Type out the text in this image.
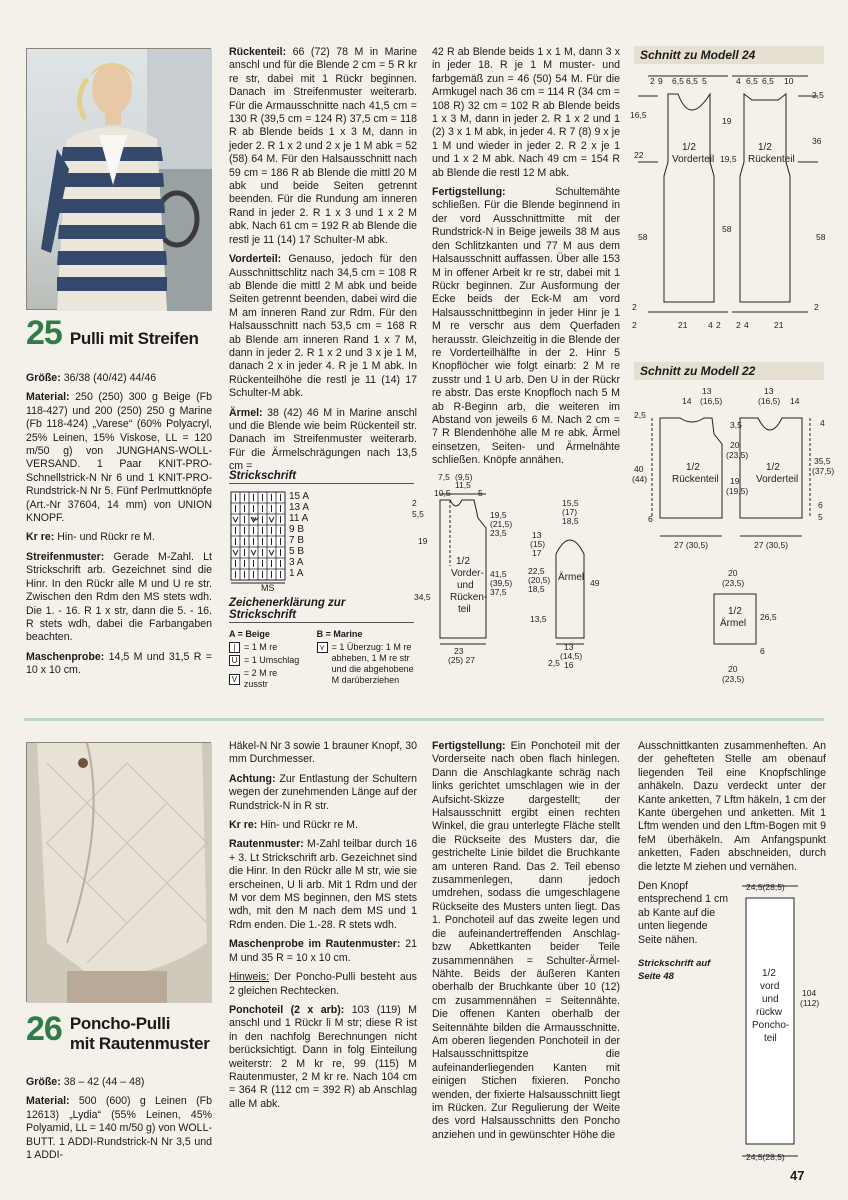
25 Pulli mit Streifen

Größe: 36/38 (40/42) 44/46

Material: 250 (250) 300 g Beige (Fb 118-427) und 200 (250) 250 g Marine (Fb 118-424) „Varese“ (60% Polyacryl, 25% Leinen, 15% Viskose, LL = 120 m/50 g) von JUNGHANS-WOLL-VERSAND. 1 Paar KNIT-PRO-Schnellstrick-N Nr 6 und 1 KNIT-PRO-Rundstrick-N Nr 5. Fünf Perlmuttknöpfe (Art.-Nr 37604, 14 mm) von UNION KNOPF.

Kr re: Hin- und Rückr re M.

Streifenmuster: Gerade M-Zahl. Lt Strickschrift arb. Gezeichnet sind die Hinr. In den Rückr alle M und U re str. Zwischen den Rdm den MS stets wdh. Die 1. - 16. R 1 x str, dann die 5. - 16. R stets wdh, dabei die Farbangaben beachten.

Maschenprobe: 14,5 M und 31,5 R = 10 x 10 cm.

Rückenteil: 66 (72) 78 M in Marine anschl und für die Blende 2 cm = 5 R kr re str, dabei mit 1 Rückr beginnen. Danach im Streifenmuster weiterarb. Für die Armausschnitte nach 41,5 cm = 130 R (39,5 cm = 124 R) 37,5 cm = 118 R ab Blende beids 1 x 3 M, dann in jeder 2. R 1 x 2 und 2 x je 1 M abk = 52 (58) 64 M. Für den Halsausschnitt nach 59 cm = 186 R ab Blende die mittl 20 M abk und beide Seiten getrennt beenden. Für die Rundung am inneren Rand in jeder 2. R 1 x 3 und 1 x 2 M abk. Nach 61 cm = 192 R ab Blende die restl je 11 (14) 17 Schulter-M abk.

Vorderteil: Genauso, jedoch für den Ausschnittschlitz nach 34,5 cm = 108 R ab Blende die mittl 2 M abk und beide Seiten getrennt beenden, dabei wird die M am inneren Rand zur Rdm. Für den Halsausschnitt nach 53,5 cm = 168 R ab Blende am inneren Rand 1 x 7 M, dann in jeder 2. R 1 x 2 und 3 x je 1 M, danach 2 x in jeder 4. R je 1 M abk. In Rückenteilhöhe die restl je 11 (14) 17 Schulter-M abk.

Ärmel: 38 (42) 46 M in Marine anschl und die Blende wie beim Rückenteil str. Danach im Streifenmuster weiterarb. Für die Ärmelschrägungen nach 13,5 cm =

Strickschrift
15 A
13 A
11 A
9 B
7 B
5 B
3 A
1 A
MS
Zeichenerklärung zur Strickschrift
A = Beige
| = 1 M re
U = 1 Umschlag
V
= 2 M re zusstr
B = Marine
⋎ = 1 Überzug: 1 M re abheben, 1 M re str und die abgehobene M darüberziehen

42 R ab Blende beids 1 x 1 M, dann 3 x in jeder 18. R je 1 M muster- und farbgemäß zun = 46 (50) 54 M. Für die Armkugel nach 36 cm = 114 R (34 cm = 108 R) 32 cm = 102 R ab Blende beids 1 x 3 M, dann in jeder 2. R 1 x 2 und 1 (2) 3 x 1 M abk, in jeder 4. R 7 (8) 9 x je 1 M und wieder in jeder 2. R 2 x je 1 und 1 x 2 M abk. Nach 49 cm = 154 R ab Blende die restl 12 M abk.

Fertigstellung:	Schultemähte schließen. Für die Blende beginnend in der vord Ausschnittmitte mit der Rundstrick-N in Beige jeweils 38 M aus den Schlitzkanten und 77 M aus dem Halsausschnitt auffassen. Über alle 153 M in offener Arbeit kr re str, dabei mit 1 Rückr beginnen. Zur Ausformung der Ecke beids der Eck-M am vord Halsausschnittbeginn in jeder Hinr je 1 M re verschr aus dem Querfaden herausstr. Gleichzeitig in die Blende der re Vorderteilhälfte in der 2. Hinr 5 Knopflöcher wie folgt einarb: 2 M re zusstr und 1 U arb. Den U in der Rückr re abstr. Das erste Knopfloch nach 5 M ab R-Beginn arb, die weiteren im Abstand von jeweils 6 M. Nach 2 cm = 7 R Blendenhöhe alle M re abk. Ärmel einsetzen, Seiten- und Ärmelnähte schließen. Knöpfe annähen.

7,5 (9,5)
11,5
10,5	5
2
5,5
19
34,5
19,5
(21,5)
23,5
41,5
(39,5)
37,5
1/2
Vorder-
und
Rücken-
teil
23
(25) 27
15,5
(17)
18,5
13
(15)
17
22,5
(20,5)
18,5
13,5
Ärmel 49
13
(14,5)
16
2,5
Schnitt zu Modell 24
2 9 6,5 6,5 5	4 6,5 6,5 10
16,5
22
58
19
19,5
58
2,5
36
58
1/2
Vorderteil
1/2
Rückenteil
2	21 4 2 2 4	21
2	2
Schnitt zu Modell 22
14
13
(16,5)
13
(16,5) 14
2,5
40
(44)
6
3,5
20
(23,5)
19
(19,5)
4
35,5
(37,5)
6
5
1/2
Rückenteil
1/2
Vorderteil
27 (30,5)	27 (30,5)
20
(23,5)
26,5
1/2
Ärmel
6
20
(23,5)
26 Poncho-Pulli
mit Rautenmuster

Größe: 38 – 42 (44 – 48)

Material: 500 (600) g Leinen (Fb 12613) „Lydia“ (55% Leinen, 45% Polyamid, LL = 140 m/50 g) von WOLL-BUTT. 1 ADDI-Rundstrick-N Nr 3,5 und 1 ADDI-

Häkel-N Nr 3 sowie 1 brauner Knopf, 30 mm Durchmesser.

Achtung: Zur Entlastung der Schultern wegen der zunehmenden Länge auf der Rundstrick-N in R str.

Kr re: Hin- und Rückr re M.

Rautenmuster: M-Zahl teilbar durch 16 + 3. Lt Strickschrift arb. Gezeichnet sind die Hinr. In den Rückr alle M str, wie sie erscheinen, U li arb. Mit 1 Rdm und der M vor dem MS beginnen, den MS stets wdh, mit den M nach dem MS und 1 Rdm enden. Die 1.-28. R stets wdh.

Maschenprobe im Rautenmuster: 21 M und 35 R = 10 x 10 cm.

Hinweis: Der Poncho-Pulli besteht aus 2 gleichen Rechtecken.

Ponchoteil (2 x arb): 103 (119) M anschl und 1 Rückr li M str; diese R ist in den nachfolg Berechnungen nicht berücksichtigt. Dann in folg Einteilung weiterstr: 2 M kr re, 99 (115) M Rautenmuster, 2 M kr re. Nach 104 cm = 364 R (112 cm = 392 R) ab Anschlag alle M abk.

Fertigstellung: Ein Ponchoteil mit der Vorderseite nach oben flach hinlegen. Dann die Anschlagkante schräg nach links gerichtet umschlagen wie in der Aufsicht-Skizze dargestellt; der Halsausschnitt ergibt einen rechten Winkel, die grau unterlegte Fläche stellt die Rückseite des Musters dar, die gestrichelte Linie bildet die Bruchkante am unteren Rand. Das 2. Teil ebenso zusammenlegen, dann jedoch umdrehen, sodass die umgeschlagene Rückseite des Musters unten liegt. Das 1. Ponchoteil auf das zweite legen und die aufeinandertreffenden Anschlag- bzw Abkettkanten beider Teile zusammennähen = Schulter-Ärmel-Nähte. Beids der äußeren Kanten oberhalb der Bruchkante über 10 (12) cm zusammennähen = Seitennähte. Die offenen Kanten oberhalb der Seitennähte bilden die Armausschnitte. Am oberen liegenden Ponchoteil in der Halsausschnittspitze die aufeinanderliegenden Kanten mit einigen Stichen fixieren. Poncho wenden, der fixierte Halsausschnitt liegt im Rücken. Zur Regulierung der Weite des vord Halsausschnitts den Poncho anziehen und in gewünschter Höhe die

Ausschnittkanten zusammenheften. An der gehefteten Stelle am obenauf liegenden Teil eine Knopfschlinge anhäkeln. Dazu verdeckt unter der Kante anketten, 7 Lftm häkeln, 1 cm der Kante übergehen und anketten. Mit 1 Lftm wenden und den Lftm-Bogen mit 9 feM überhäkeln. Am Anfangspunkt anketten, Faden abschneiden, durch die letzte M ziehen und vernähen.

Den Knopf entsprechend 1 cm ab Kante auf die unten liegende Seite nähen.

Strickschrift auf Seite 48

24,5(28,5)
24,5(28,5)
104
(112)
1/2
vord
und
rückw
Poncho-
teil
47
